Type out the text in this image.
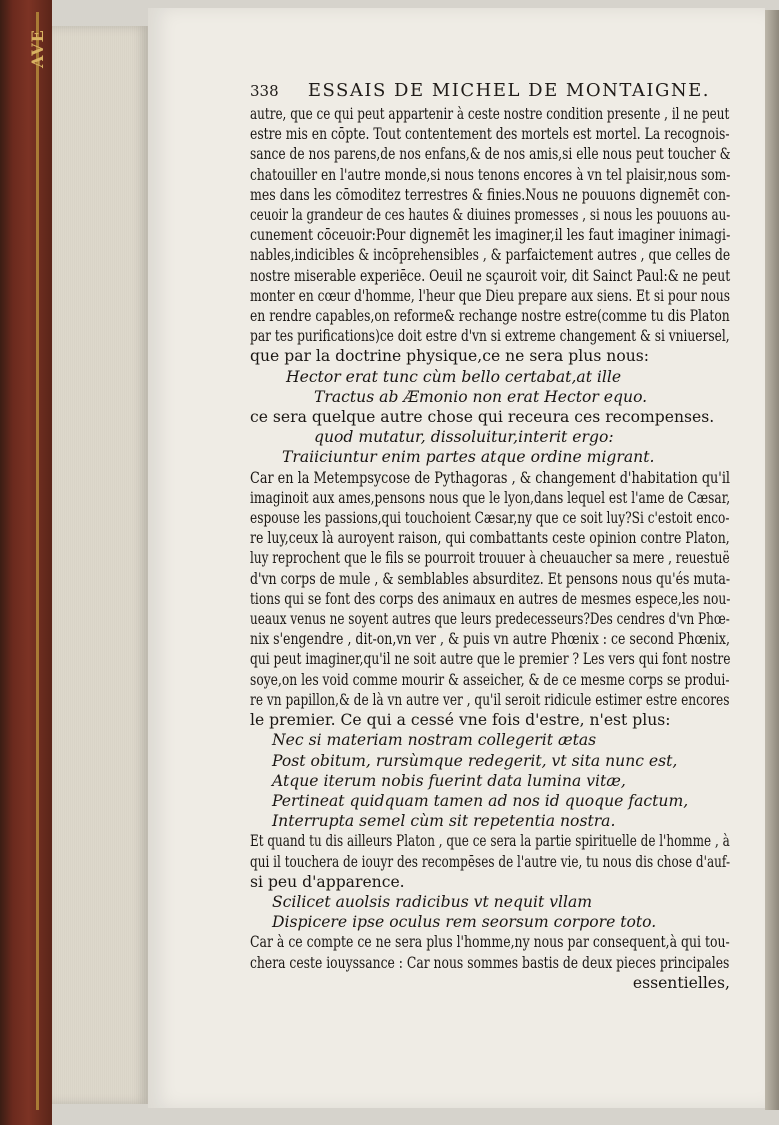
AVE
338 ESSAIS DE MICHEL DE MONTAIGNE.
autre, que ce qui peut appartenir à ceste nostre condition presente , il ne peut
estre mis en cōpte. Tout contentement des mortels est mortel. La recognois-
sance de nos parens,de nos enfans,& de nos amis,si elle nous peut toucher &
chatouiller en l'autre monde,si nous tenons encores à vn tel plaisir,nous som-
mes dans les cōmoditez terrestres & finies.Nous ne pouuons dignemēt con-
ceuoir la grandeur de ces hautes & diuines promesses , si nous les pouuons au-
cunement cōceuoir:Pour dignemēt les imaginer,il les faut imaginer inimagi-
nables,indicibles & incōprehensibles , & parfaictement autres , que celles de
nostre miserable experiēce. Oeuil ne sçauroit voir, dit Sainct Paul:& ne peut
monter en cœur d'homme, l'heur que Dieu prepare aux siens. Et si pour nous
en rendre capables,on reforme& rechange nostre estre(comme tu dis Platon
par tes purifications)ce doit estre d'vn si extreme changement & si vniuersel,
que par la doctrine physique,ce ne sera plus nous:
Hector erat tunc cùm bello certabat,at ille
Tractus ab Æmonio non erat Hector equo.
ce sera quelque autre chose qui receura ces recompenses.
quod mutatur, dissoluitur,interit ergo:
Traiiciuntur enim partes atque ordine migrant.
Car en la Metempsycose de Pythagoras , & changement d'habitation qu'il
imaginoit aux ames,pensons nous que le lyon,dans lequel est l'ame de Cæsar,
espouse les passions,qui touchoient Cæsar,ny que ce soit luy?Si c'estoit enco-
re luy,ceux là auroyent raison, qui combattants ceste opinion contre Platon,
luy reprochent que le fils se pourroit trouuer à cheuaucher sa mere , reuestuë
d'vn corps de mule , & semblables absurditez. Et pensons nous qu'és muta-
tions qui se font des corps des animaux en autres de mesmes espece,les nou-
ueaux venus ne soyent autres que leurs predecesseurs?Des cendres d'vn Phœ-
nix s'engendre , dit-on,vn ver , & puis vn autre Phœnix : ce second Phœnix,
qui peut imaginer,qu'il ne soit autre que le premier ? Les vers qui font nostre
soye,on les void comme mourir & asseicher, & de ce mesme corps se produi-
re vn papillon,& de là vn autre ver , qu'il seroit ridicule estimer estre encores
le premier. Ce qui a cessé vne fois d'estre, n'est plus:
Nec si materiam nostram collegerit ætas
Post obitum, rursùmque redegerit, vt sita nunc est,
Atque iterum nobis fuerint data lumina vitæ,
Pertineat quidquam tamen ad nos id quoque factum,
Interrupta semel cùm sit repetentia nostra.
Et quand tu dis ailleurs Platon , que ce sera la partie spirituelle de l'homme , à
qui il touchera de iouyr des recompēses de l'autre vie, tu nous dis chose d'auf-
si peu d'apparence.
Scilicet auolsis radicibus vt nequit vllam
Dispicere ipse oculus rem seorsum corpore toto.
Car à ce compte ce ne sera plus l'homme,ny nous par consequent,à qui tou-
chera ceste iouyssance : Car nous sommes bastis de deux pieces principales
essentielles,
